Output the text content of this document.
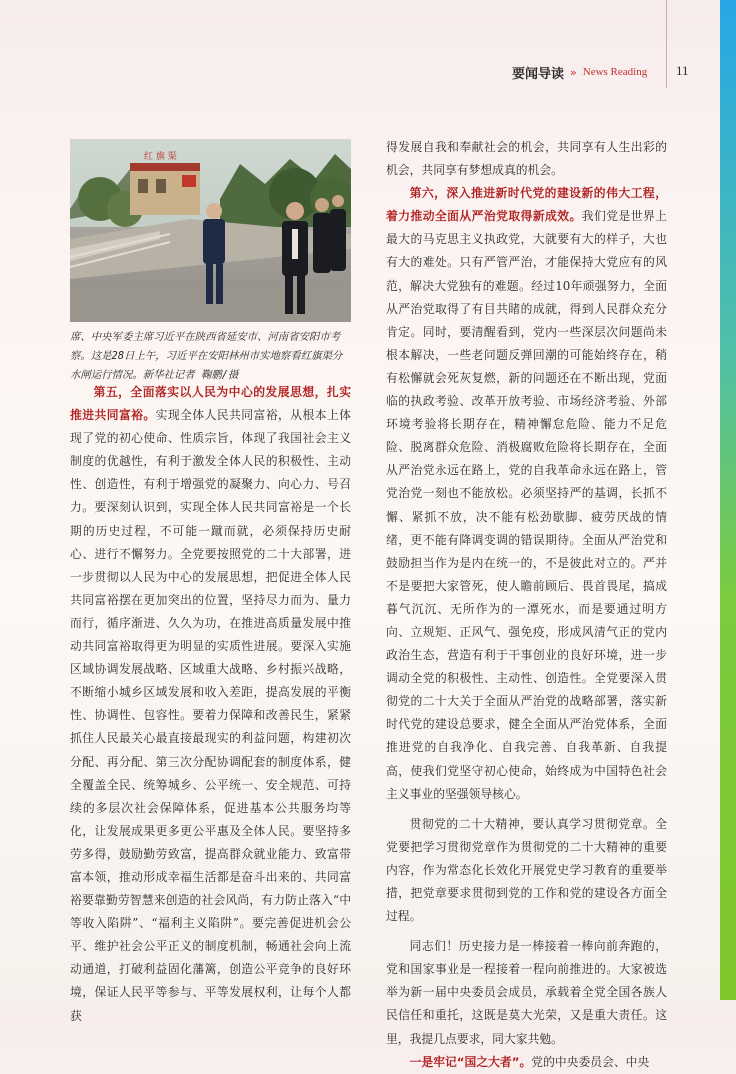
要闻导读 » News Reading 11
红 旗 渠
席、中央军委主席习近平在陕西省延安市、河南省安阳市考察。这是28日上午，习近平在安阳林州市实地察看红旗渠分水闸运行情况。新华社记者 鞠鹏/摄

第五，全面落实以人民为中心的发展思想，扎实推进共同富裕。实现全体人民共同富裕，从根本上体现了党的初心使命、性质宗旨，体现了我国社会主义制度的优越性，有利于激发全体人民的积极性、主动性、创造性，有利于增强党的凝聚力、向心力、号召力。要深刻认识到，实现全体人民共同富裕是一个长期的历史过程，不可能一蹴而就，必须保持历史耐心、进行不懈努力。全党要按照党的二十大部署，进一步贯彻以人民为中心的发展思想，把促进全体人民共同富裕摆在更加突出的位置，坚持尽力而为、量力而行，循序渐进、久久为功，在推进高质量发展中推动共同富裕取得更为明显的实质性进展。要深入实施区域协调发展战略、区域重大战略、乡村振兴战略，不断缩小城乡区域发展和收入差距，提高发展的平衡性、协调性、包容性。要着力保障和改善民生，紧紧抓住人民最关心最直接最现实的利益问题，构建初次分配、再分配、第三次分配协调配套的制度体系，健全覆盖全民、统筹城乡、公平统一、安全规范、可持续的多层次社会保障体系，促进基本公共服务均等化，让发展成果更多更公平惠及全体人民。要坚持多劳多得，鼓励勤劳致富，提高群众就业能力、致富带富本领，推动形成幸福生活都是奋斗出来的、共同富裕要靠勤劳智慧来创造的社会风尚，有力防止落入“中等收入陷阱”、“福利主义陷阱”。要完善促进机会公平、维护社会公平正义的制度机制，畅通社会向上流动通道，打破利益固化藩篱，创造公平竞争的良好环境，保证人民平等参与、平等发展权利，让每个人都获

得发展自我和奉献社会的机会，共同享有人生出彩的机会，共同享有梦想成真的机会。

第六，深入推进新时代党的建设新的伟大工程，着力推动全面从严治党取得新成效。我们党是世界上最大的马克思主义执政党，大就要有大的样子，大也有大的难处。只有严管严治，才能保持大党应有的风范，解决大党独有的难题。经过10年顽强努力，全面从严治党取得了有目共睹的成就，得到人民群众充分肯定。同时，要清醒看到，党内一些深层次问题尚未根本解决，一些老问题反弹回潮的可能始终存在，稍有松懈就会死灰复燃，新的问题还在不断出现，党面临的执政考验、改革开放考验、市场经济考验、外部环境考验将长期存在，精神懈怠危险、能力不足危险、脱离群众危险、消极腐败危险将长期存在，全面从严治党永远在路上，党的自我革命永远在路上，管党治党一刻也不能放松。必须坚持严的基调，长抓不懈、紧抓不放，决不能有松劲歇脚、疲劳厌战的情绪，更不能有降调变调的错误期待。全面从严治党和鼓励担当作为是内在统一的，不是彼此对立的。严并不是要把大家管死，使人瞻前顾后、畏首畏尾，搞成暮气沉沉、无所作为的一潭死水，而是要通过明方向、立规矩、正风气、强免疫，形成风清气正的党内政治生态，营造有利于干事创业的良好环境，进一步调动全党的积极性、主动性、创造性。全党要深入贯彻党的二十大关于全面从严治党的战略部署，落实新时代党的建设总要求，健全全面从严治党体系，全面推进党的自我净化、自我完善、自我革新、自我提高，使我们党坚守初心使命，始终成为中国特色社会主义事业的坚强领导核心。

贯彻党的二十大精神，要认真学习贯彻党章。全党要把学习贯彻党章作为贯彻党的二十大精神的重要内容，作为常态化长效化开展党史学习教育的重要举措，把党章要求贯彻到党的工作和党的建设各方面全过程。

同志们！历史接力是一棒接着一棒向前奔跑的，党和国家事业是一程接着一程向前推进的。大家被选举为新一届中央委员会成员，承载着全党全国各族人民信任和重托，这既是莫大光荣，又是重大责任。这里，我提几点要求，同大家共勉。

一是牢记“国之大者”。党的中央委员会、中央
